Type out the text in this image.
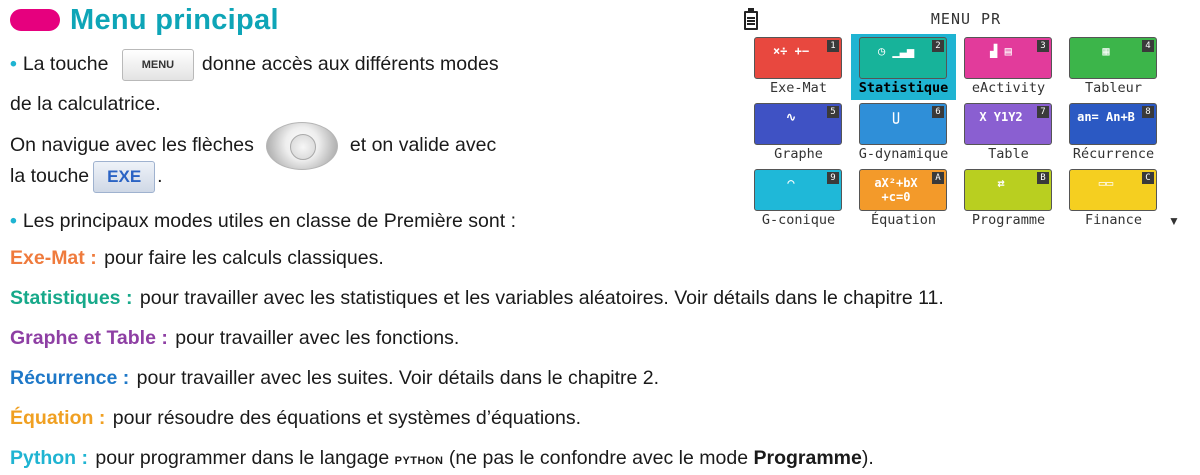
Menu principal
• La touche	MENU donne accès aux différents modes
de la calculatrice.
On navigue avec les flèches	et on valide avec
la touche EXE .
• Les principaux modes utiles en classe de Première sont :
Exe-Mat : pour faire les calculs classiques.
Statistiques : pour travailler avec les statistiques et les variables aléatoires. Voir détails dans le chapitre 11.
Graphe et Table : pour travailler avec les fonctions.
Récurrence : pour travailler avec les suites. Voir détails dans le chapitre 2.
Équation : pour résoudre des équations et systèmes d’équations.
Python : pour programmer dans le langage PYTHON (ne pas le confondre avec le mode Programme).
MENU PR
×÷ +−	1
Exe-Mat
◷ ▁▃▅	2
Statistique
▟ ▤	3
eActivity
▦	4
Tableur
∿	5
Graphe
⋃	6
G-dynamique
X Y1Y2	7
Table
an= An+B	8
Récurrence
◠	9
G-conique
aX²+bX +c=0
A
Équation
⇄	B
Programme
▭▭	C
Finance	▼
